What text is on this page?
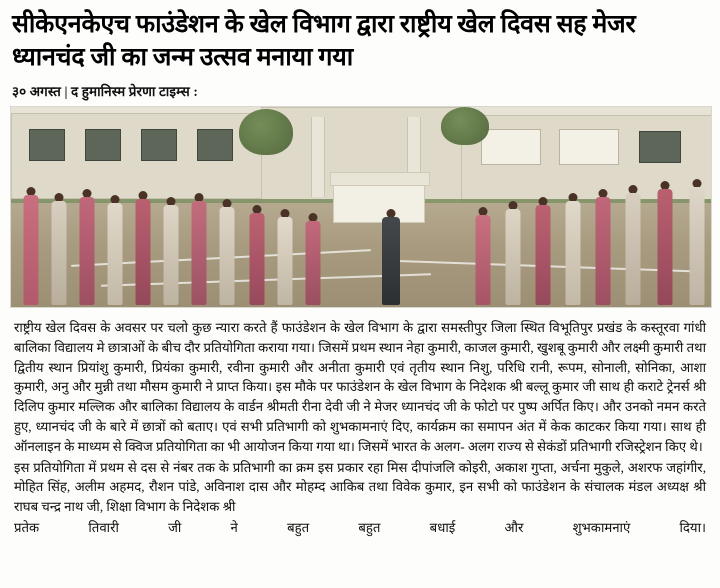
सीकेएनकेएच फाउंडेशन के खेल विभाग द्वारा राष्ट्रीय खेल दिवस सह मेजर ध्यानचंद जी का जन्म उत्सव मनाया गया
३० अगस्त | द हुमानिस्म प्रेरणा टाइम्स :

राष्ट्रीय खेल दिवस के अवसर पर चलो कुछ न्यारा करते हैं फाउंडेशन के खेल विभाग के द्वारा समस्तीपुर जिला स्थित विभूतिपुर प्रखंड के कस्तूरवा गांधी बालिका विद्यालय मे छात्राओं के बीच दौर प्रतियोगिता कराया गया। जिसमें प्रथम स्थान नेहा कुमारी, काजल कुमारी, खुशबू कुमारी और लक्ष्मी कुमारी तथा द्वितीय स्थान प्रियांशु कुमारी, प्रियंका कुमारी, रवीना कुमारी और अनीता कुमारी एवं तृतीय स्थान निशु, परिधि रानी, रूपम, सोनाली, सोनिका, आशा कुमारी, अनु और मुन्नी तथा मौसम कुमारी ने प्राप्त किया। इस मौके पर फाउंडेशन के खेल विभाग के निदेशक श्री बल्लू कुमार जी साथ ही कराटे ट्रेनर्स श्री दिलिप कुमार मल्लिक और बालिका विद्यालय के वार्डन श्रीमती रीना देवी जी ने मेजर ध्यानचंद जी के फोटो पर पुष्प अर्पित किए। और उनको नमन करते हुए, ध्यानचंद जी के बारे में छात्रों को बताए। एवं सभी प्रतिभागी को शुभकामनाएं दिए, कार्यक्रम का समापन अंत में केक काटकर किया गया। साथ ही ऑनलाइन के माध्यम से क्विज प्रतियोगिता का भी आयोजन किया गया था। जिसमें भारत के अलग- अलग राज्य से सेकंडों प्रतिभागी रजिस्ट्रेशन किए थे।

इस प्रतियोगिता में प्रथम से दस से नंबर तक के प्रतिभागी का क्रम इस प्रकार रहा मिस दीपांजलि कोइरी, अकाश गुप्ता, अर्चना मुकुले, अशरफ जहांगीर, मोहित सिंह, अलीम अहमद, रौशन पांडे, अविनाश दास और मोहम्द आकिब तथा विवेक कुमार, इन सभी को फाउंडेशन के संचालक मंडल अध्यक्ष श्री राघब चन्द्र नाथ जी, शिक्षा विभाग के निदेशक श्री

प्रतेक तिवारी जी ने बहुत बहुत बधाई और शुभकामनाएं दिया।
